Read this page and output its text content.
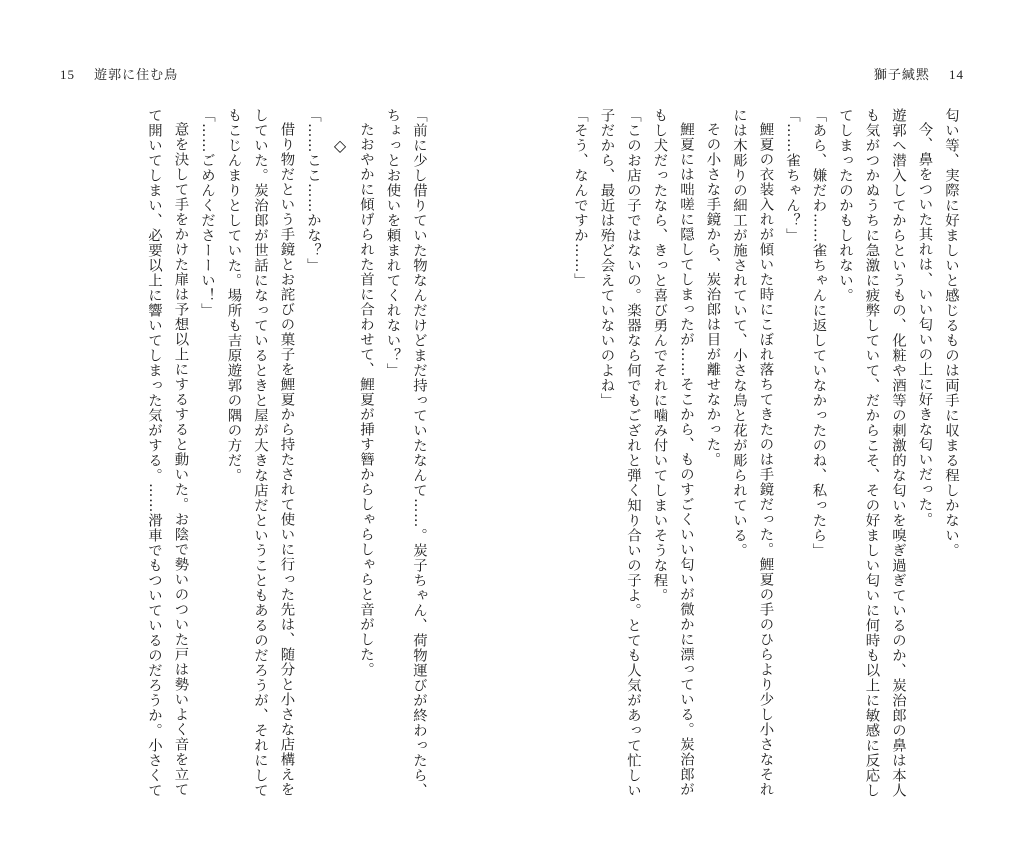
15 遊郭に住む鳥	獅子緘黙 14

匂い等、実際に好ましいと感じるものは両手に収まる程しかない。

今、鼻をついた其れは、いい匂いの上に好きな匂いだった。

遊郭へ潜入してからというもの、化粧や酒等の刺激的な匂いを嗅ぎ過ぎているのか、炭治郎の鼻は本人も気がつかぬうちに急激に疲弊していて、だからこそ、その好ましい匂いに何時も以上に敏感に反応してしまったのかもしれない。

「あら、嫌だわ……雀ちゃんに返していなかったのね、私ったら」

「……雀ちゃん？」

鯉夏の衣装入れが傾いた時にこぼれ落ちてきたのは手鏡だった。鯉夏の手のひらより少し小さなそれには木彫りの細工が施されていて、小さな鳥と花が彫られている。

その小さな手鏡から、炭治郎は目が離せなかった。

鯉夏には咄嗟に隠してしまったが……そこから、ものすごくいい匂いが微かに漂っている。炭治郎がもし犬だったなら、きっと喜び勇んでそれに噛み付いてしまいそうな程。

「このお店の子ではないの。楽器なら何でもござれと弾く知り合いの子よ。とても人気があって忙しい子だから、最近は殆ど会えていないのよね」

「そう、なんですか……」

「前に少し借りていた物なんだけどまだ持っていたなんて……。炭子ちゃん、荷物運びが終わったら、ちょっとお使いを頼まれてくれない？」

たおやかに傾げられた首に合わせて、鯉夏が挿す簪からしゃらしゃらと音がした。

◇

「……ここ……かな？」

借り物だという手鏡とお詫びの菓子を鯉夏から持たされて使いに行った先は、随分と小さな店構えをしていた。炭治郎が世話になっているときと屋が大きな店だということもあるのだろうが、それにしてもこじんまりとしていた。場所も吉原遊郭の隅の方だ。

「……ごめんくださーーい！」

意を決して手をかけた扉は予想以上にするすると動いた。お陰で勢いのついた戸は勢いよく音を立てて開いてしまい、必要以上に響いてしまった気がする。……滑車でもついているのだろうか。小さくて
